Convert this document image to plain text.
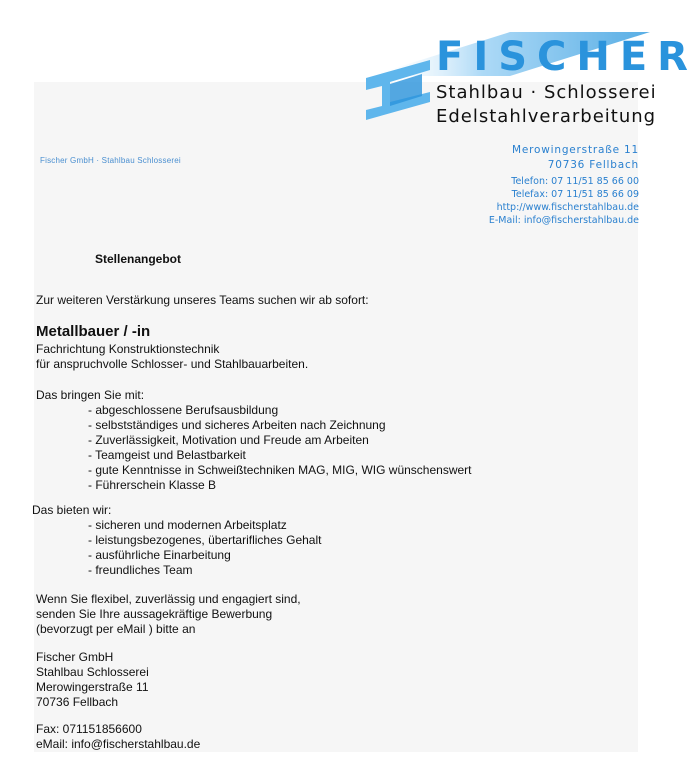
FISCHER
Stahlbau · Schlosserei
Edelstahlverarbeitung
Fischer GmbH · Stahlbau Schlosserei
Merowingerstraße 11
70736 Fellbach
Telefon: 07 11/51 85 66 00
Telefax: 07 11/51 85 66 09
http://www.fischerstahlbau.de
E-Mail: info@fischerstahlbau.de
Stellenangebot
Zur weiteren Verstärkung unseres Teams suchen wir ab sofort:
Metallbauer / -in
Fachrichtung Konstruktionstechnik
für anspruchvolle Schlosser- und Stahlbauarbeiten.
Das bringen Sie mit:
- abgeschlossene Berufsausbildung
- selbstständiges und sicheres Arbeiten nach Zeichnung
- Zuverlässigkeit, Motivation und Freude am Arbeiten
- Teamgeist und Belastbarkeit
- gute Kenntnisse in Schweißtechniken MAG, MIG, WIG wünschenswert
- Führerschein Klasse B
Das bieten wir:
- sicheren und modernen Arbeitsplatz
- leistungsbezogenes, übertarifliches Gehalt
- ausführliche Einarbeitung
- freundliches Team
Wenn Sie flexibel, zuverlässig und engagiert sind,
senden Sie Ihre aussagekräftige Bewerbung
(bevorzugt per eMail ) bitte an
Fischer GmbH
Stahlbau Schlosserei
Merowingerstraße 11
70736 Fellbach
Fax: 071151856600
eMail: info@fischerstahlbau.de
